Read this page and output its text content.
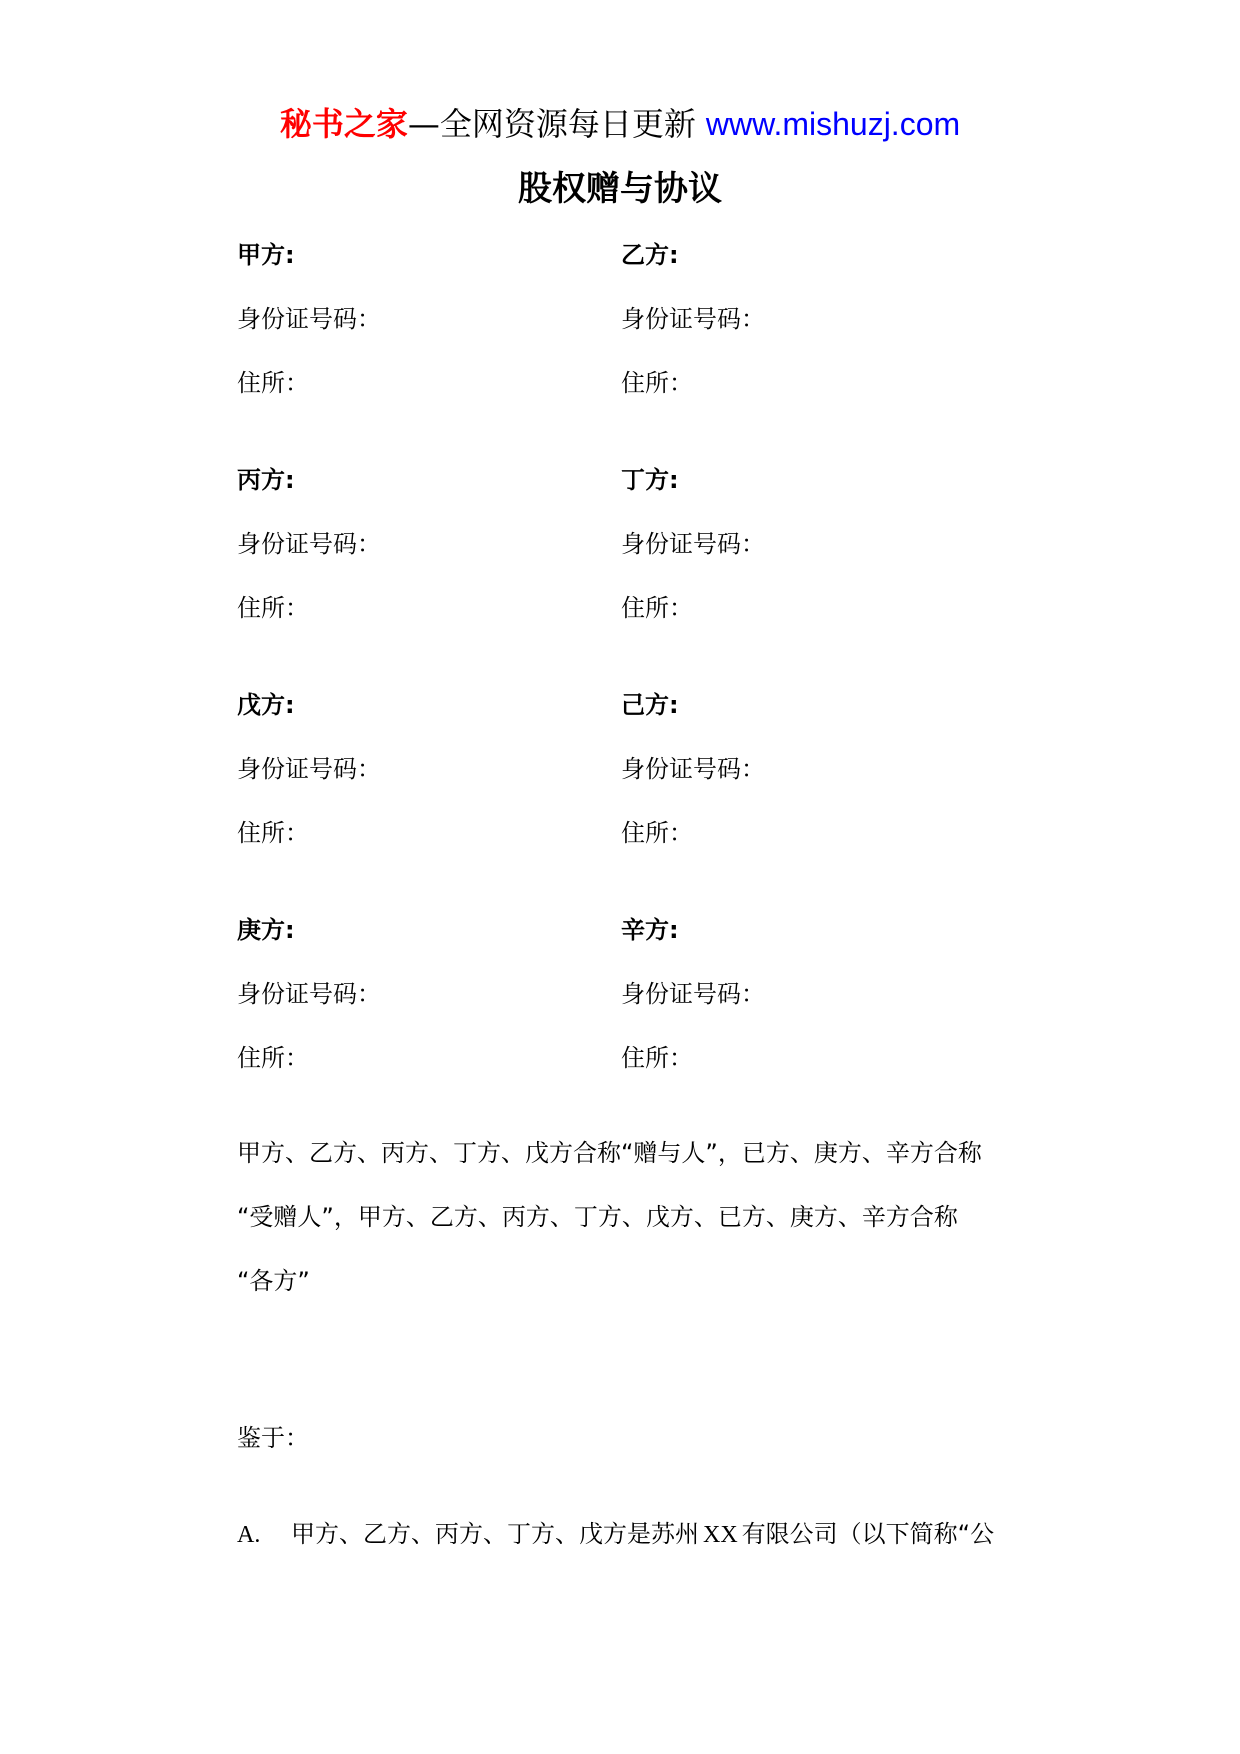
秘书之家—全网资源每日更新 www.mishuzj.com
股权赠与协议
甲方:
身份证号码：
住所：
乙方:
身份证号码：
住所：
丙方:
身份证号码：
住所：
丁方:
身份证号码：
住所：
戊方:
身份证号码：
住所：
己方:
身份证号码：
住所：
庚方:
身份证号码：
住所：
辛方:
身份证号码：
住所：
甲方、乙方、丙方、丁方、戊方合称“赠与人”，已方、庚方、辛方合称
“受赠人”，甲方、乙方、丙方、丁方、戊方、已方、庚方、辛方合称
“各方”
鉴于：
A. 甲方、乙方、丙方、丁方、戊方是苏州 XX 有限公司（以下简称“公
